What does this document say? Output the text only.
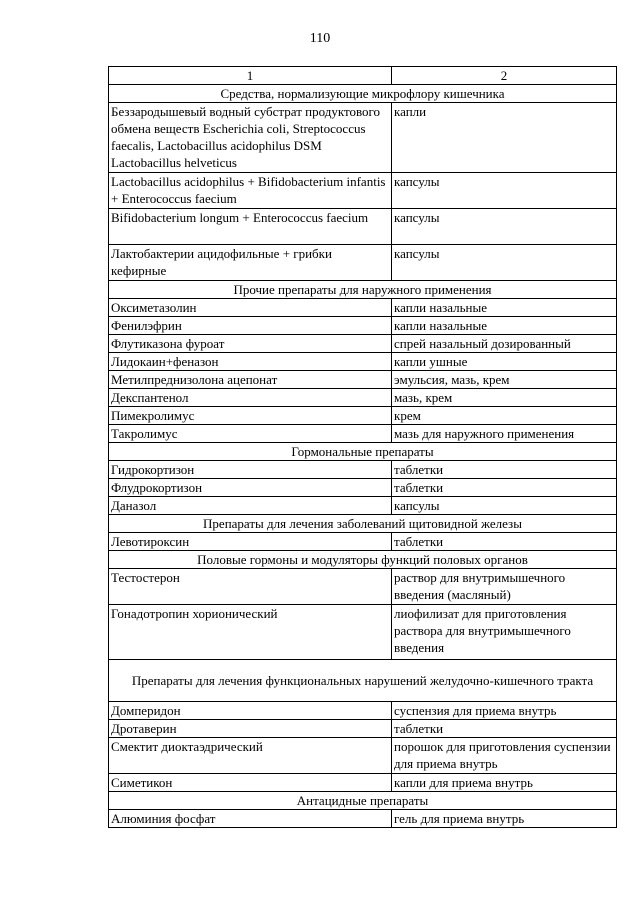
110
1	2
Средства, нормализующие микрофлору кишечника	
Беззародышевый водный субстрат продуктового обмена веществ Escherichia coli, Streptococcus faecalis, Lactobacillus acidophilus DSM Lactobacillus helveticus	капли
Lactobacillus acidophilus + Bifidobacterium infantis + Enterococcus faecium	капсулы
Bifidobacterium longum + Enterococcus faecium	капсулы
Лактобактерии ацидофильные + грибки кефирные	капсулы
Прочие препараты для наружного применения	
Оксиметазолин	капли назальные
Фенилэфрин	капли назальные
Флутиказона фуроат	спрей назальный дозированный
Лидокаин+феназон	капли ушные
Метилпреднизолона ацепонат	эмульсия, мазь, крем
Декспантенол	мазь, крем
Пимекролимус	крем
Такролимус	мазь для наружного применения
Гормональные препараты	
Гидрокортизон	таблетки
Флудрокортизон	таблетки
Даназол	капсулы
Препараты для лечения заболеваний щитовидной железы	
Левотироксин	таблетки
Половые гормоны и модуляторы функций половых органов	
Тестостерон	раствор для внутримышечного введения (масляный)
Гонадотропин хорионический	лиофилизат для приготовления раствора для внутримышечного введения
Препараты для лечения функциональных нарушений желудочно-кишечного тракта	
Домперидон	суспензия для приема внутрь
Дротаверин	таблетки
Смектит диоктаэдрический	порошок для приготовления суспензии для приема внутрь
Симетикон	капли для приема внутрь
Антацидные препараты	
Алюминия фосфат	гель для приема внутрь
